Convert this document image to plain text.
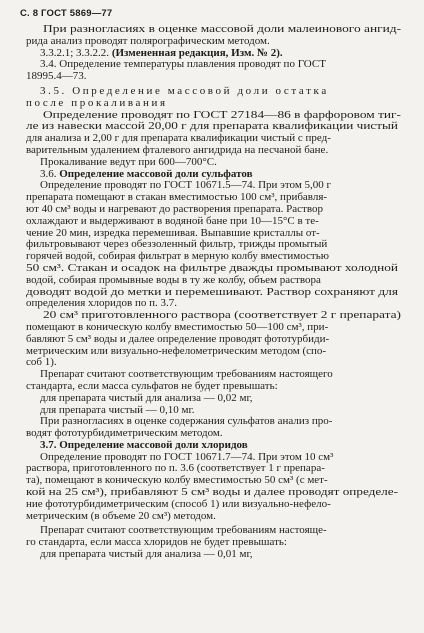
С. 8 ГОСТ 5869—77
При разногласиях в оценке массовой доли малеинового ангид-
рида анализ проводят полярографическим методом.
3.3.2.1; 3.3.2.2. (Измененная редакция, Изм. № 2).
3.4. Определение температуры плавления проводят по ГОСТ
18995.4—73.
3.5. Определение массовой доли остатка
после прокаливания
Определение проводят по ГОСТ 27184—86 в фарфоровом тиг-
ле из навески массой 20,00 г для препарата квалификации чистый
для анализа и 2,00 г для препарата квалификации чистый с пред-
варительным удалением фталевого ангидрида на песчаной бане.
Прокаливание ведут при 600—700°С.
3.6. Определение массовой доли сульфатов
Определение проводят по ГОСТ 10671.5—74. При этом 5,00 г
препарата помещают в стакан вместимостью 100 см³, прибавля-
ют 40 см³ воды и нагревают до растворения препарата. Раствор
охлаждают и выдерживают в водяной бане при 10—15°С в те-
чение 20 мин, изредка перемешивая. Выпавшие кристаллы от-
фильтровывают через обеззоленный фильтр, трижды промытый
горячей водой, собирая фильтрат в мерную колбу вместимостью
50 см³. Стакан и осадок на фильтре дважды промывают холодной
водой, собирая промывные воды в ту же колбу, объем раствора
доводят водой до метки и перемешивают. Раствор сохраняют для
определения хлоридов по п. 3.7.
20 см³ приготовленного раствора (соответствует 2 г препарата)
помещают в коническую колбу вместимостью 50—100 см³, при-
бавляют 5 см³ воды и далее определение проводят фототурбиди-
метрическим или визуально-нефелометрическим методом (спо-
соб 1).
Препарат считают соответствующим требованиям настоящего
стандарта, если масса сульфатов не будет превышать:
для препарата чистый для анализа — 0,02 мг,
для препарата чистый — 0,10 мг.
При разногласиях в оценке содержания сульфатов анализ про-
водят фототурбидиметрическим методом.
3.7. Определение массовой доли хлоридов
Определение проводят по ГОСТ 10671.7—74. При этом 10 см³
раствора, приготовленного по п. 3.6 (соответствует 1 г препара-
та), помещают в коническую колбу вместимостью 50 см³ (с мет-
кой на 25 см³), прибавляют 5 см³ воды и далее проводят определе-
ние фототурбидиметрическим (способ 1) или визуально-нефело-
метрическим (в объеме 20 см³) методом.
Препарат считают соответствующим требованиям настояще-
го стандарта, если масса хлоридов не будет превышать:
для препарата чистый для анализа — 0,01 мг,
